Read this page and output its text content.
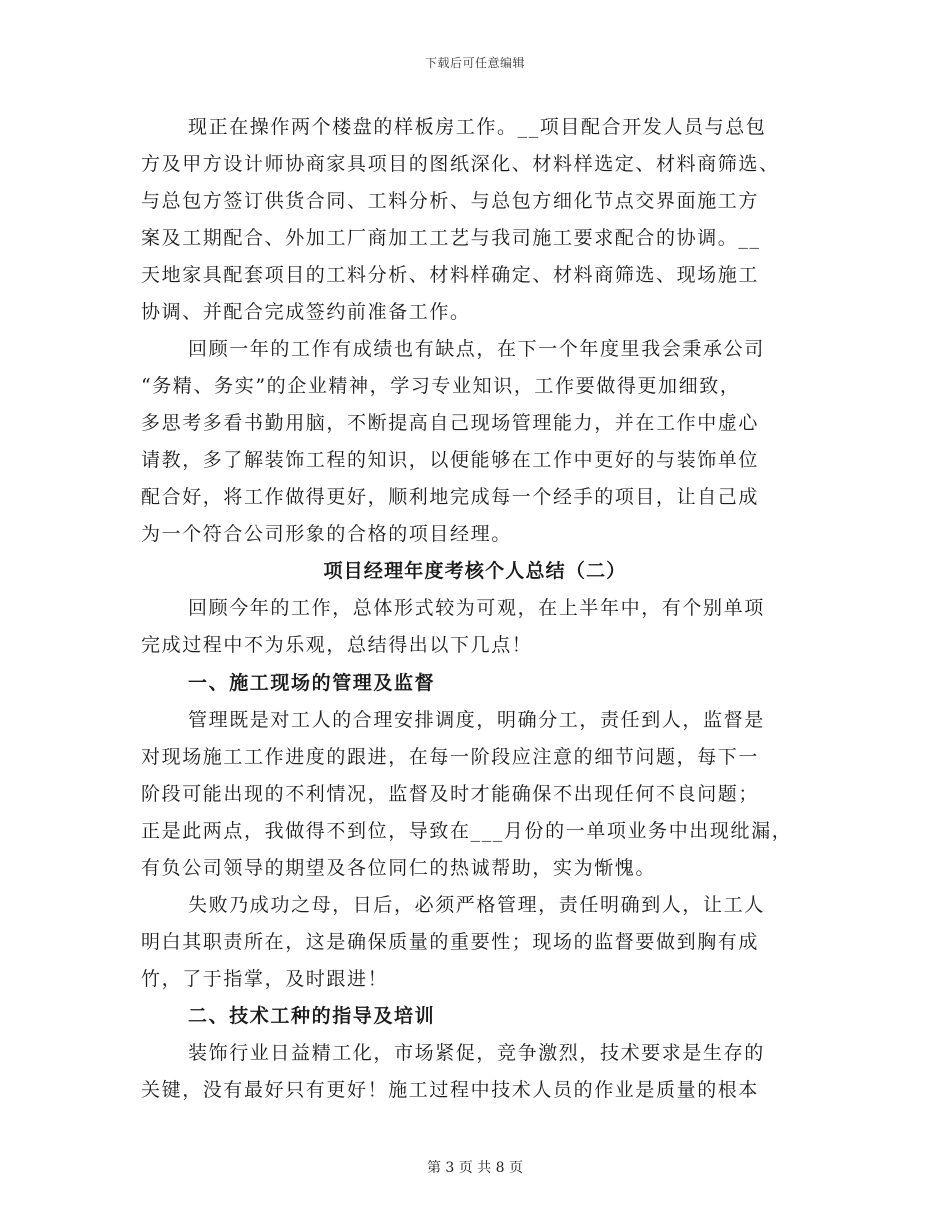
下载后可任意编辑
现正在操作两个楼盘的样板房工作。__项目配合开发人员与总包
方及甲方设计师协商家具项目的图纸深化、材料样选定、材料商筛选、
与总包方签订供货合同、工料分析、与总包方细化节点交界面施工方
案及工期配合、外加工厂商加工工艺与我司施工要求配合的协调。__
天地家具配套项目的工料分析、材料样确定、材料商筛选、现场施工
协调、并配合完成签约前准备工作。
回顾一年的工作有成绩也有缺点，在下一个年度里我会秉承公司
“务精、务实”的企业精神，学习专业知识，工作要做得更加细致，
多思考多看书勤用脑，不断提高自己现场管理能力，并在工作中虚心
请教，多了解装饰工程的知识，以便能够在工作中更好的与装饰单位
配合好，将工作做得更好，顺利地完成每一个经手的项目，让自己成
为一个符合公司形象的合格的项目经理。
项目经理年度考核个人总结（二）
回顾今年的工作，总体形式较为可观，在上半年中，有个别单项
完成过程中不为乐观，总结得出以下几点！
一、施工现场的管理及监督
管理既是对工人的合理安排调度，明确分工，责任到人，监督是
对现场施工工作进度的跟进，在每一阶段应注意的细节问题，每下一
阶段可能出现的不利情况，监督及时才能确保不出现任何不良问题；
正是此两点，我做得不到位，导致在___月份的一单项业务中出现纰漏，
有负公司领导的期望及各位同仁的热诚帮助，实为惭愧。
失败乃成功之母，日后，必须严格管理，责任明确到人，让工人
明白其职责所在，这是确保质量的重要性；现场的监督要做到胸有成
竹，了于指掌，及时跟进！
二、技术工种的指导及培训
装饰行业日益精工化，市场紧促，竞争激烈，技术要求是生存的
关键，没有最好只有更好！施工过程中技术人员的作业是质量的根本
第 3 页 共 8 页
